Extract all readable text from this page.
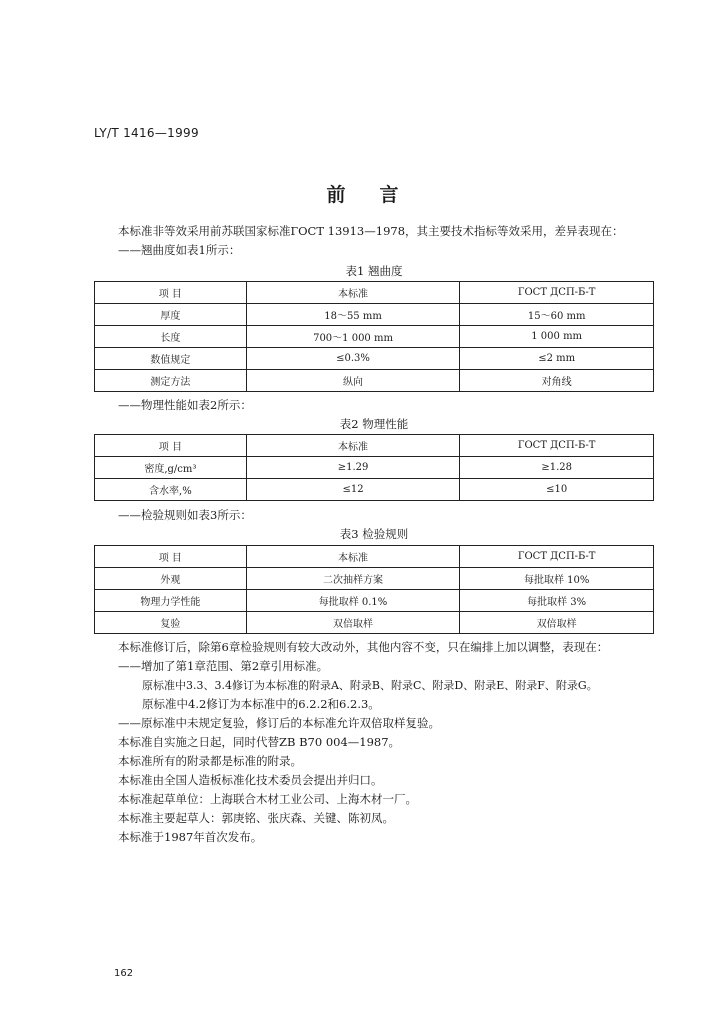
LY/T 1416—1999
前言
本标准非等效采用前苏联国家标准ГОСТ 13913—1978，其主要技术指标等效采用，差异表现在：
——翘曲度如表1所示：
表1 翘曲度
项 目	本标准	ГОСТ ДСП-Б-Т
厚度	18～55 mm	15～60 mm
长度	700～1 000 mm	1 000 mm
数值规定	≤0.3%	≤2 mm
测定方法	纵向	对角线
——物理性能如表2所示：
表2 物理性能
项 目	本标准	ГОСТ ДСП-Б-Т
密度,g/cm³	≥1.29	≥1.28
含水率,%	≤12	≤10
——检验规则如表3所示：
表3 检验规则
项 目	本标准	ГОСТ ДСП-Б-Т
外观	二次抽样方案	每批取样 10%
物理力学性能	每批取样 0.1%	每批取样 3%
复验	双倍取样	双倍取样
本标准修订后，除第6章检验规则有较大改动外，其他内容不变，只在编排上加以调整，表现在：
——增加了第1章范围、第2章引用标准。
原标准中3.3、3.4修订为本标准的附录A、附录B、附录C、附录D、附录E、附录F、附录G。
原标准中4.2修订为本标准中的6.2.2和6.2.3。
——原标准中未规定复验，修订后的本标准允许双倍取样复验。
本标准自实施之日起，同时代替ZB B70 004—1987。
本标准所有的附录都是标准的附录。
本标准由全国人造板标准化技术委员会提出并归口。
本标准起草单位：上海联合木材工业公司、上海木材一厂。
本标准主要起草人：郭庚铭、张庆森、关键、陈初凤。
本标准于1987年首次发布。
162
